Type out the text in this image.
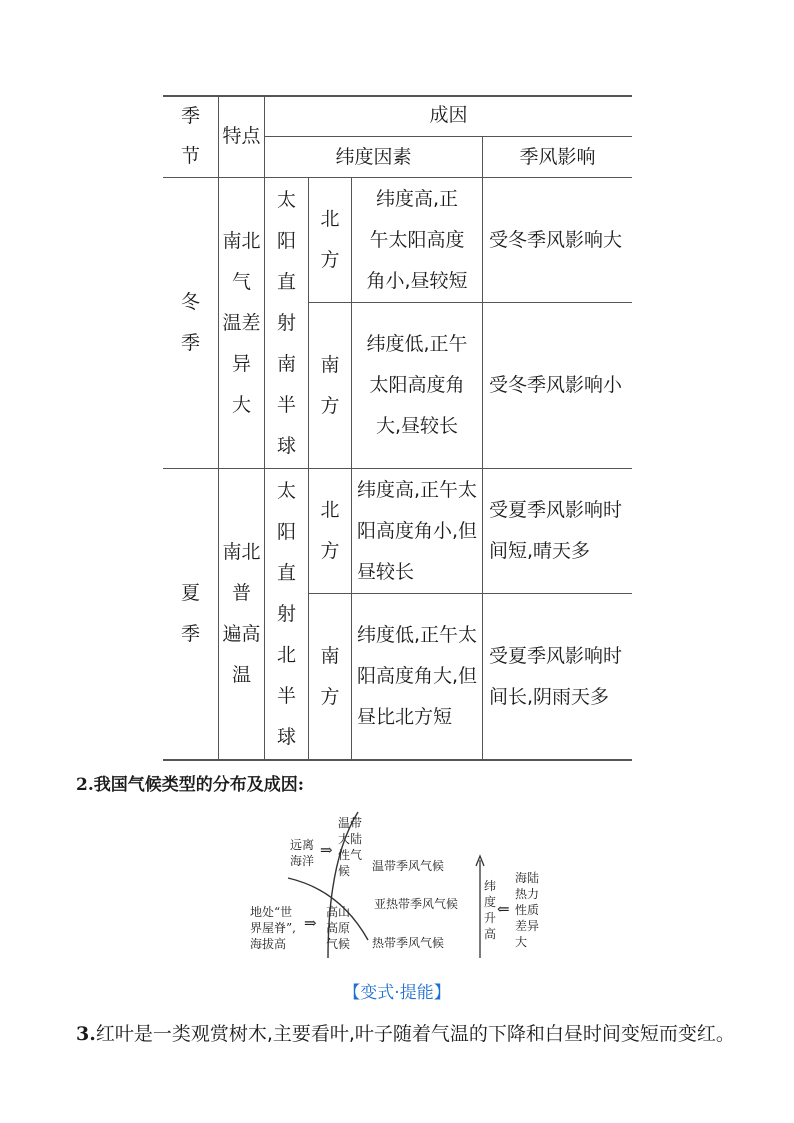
季
节
特点
成因
纬度因素	季风影响
冬
季
南北
气
温差
异
大
太
阳
直
射
南
半
球
北
方
纬度高,正
午太阳高度
角小,昼较短
受冬季风影响大
南
方
纬度低,正午
太阳高度角
大,昼较长
受冬季风影响小
夏
季
南北
普
遍高
温
太
阳
直
射
北
半
球
北
方
纬度高,正午太
阳高度角小,但
昼较长
受夏季风影响时
间短,晴天多
南
方
纬度低,正午太
阳高度角大,但
昼比北方短
受夏季风影响时
间长,阴雨天多
2.我国气候类型的分布及成因:
远离
海洋
⇒
温带
大陆
性气
候	温带季风气候
亚热带季风气候
热带季风气候
地处“世
界屋脊”,
海拔高
⇒
高山
高原
气候
纬
度
升
高
⇐
海陆
热力
性质
差异
大
【变式·提能】
3.红叶是一类观赏树木,主要看叶,叶子随着气温的下降和白昼时间变短而变红。
